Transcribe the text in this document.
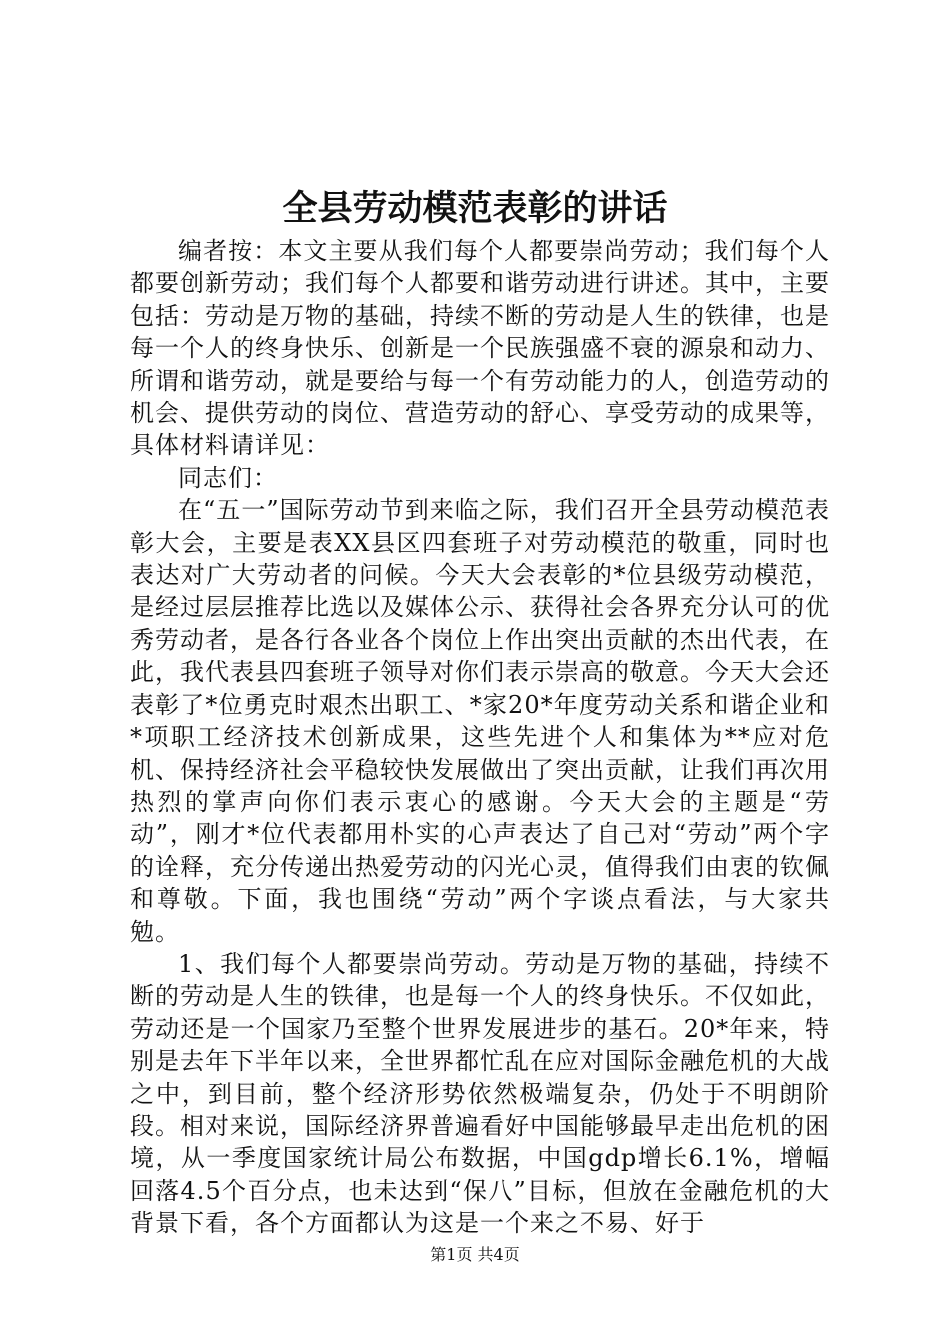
全县劳动模范表彰的讲话

编者按：本文主要从我们每个人都要崇尚劳动；我们每个人都要创新劳动；我们每个人都要和谐劳动进行讲述。其中，主要包括：劳动是万物的基础，持续不断的劳动是人生的铁律，也是每一个人的终身快乐、创新是一个民族强盛不衰的源泉和动力、所谓和谐劳动，就是要给与每一个有劳动能力的人，创造劳动的机会、提供劳动的岗位、营造劳动的舒心、享受劳动的成果等，具体材料请详见：

同志们：

在“五一”国际劳动节到来临之际，我们召开全县劳动模范表彰大会，主要是表XX县区四套班子对劳动模范的敬重，同时也表达对广大劳动者的问候。今天大会表彰的*位县级劳动模范，是经过层层推荐比选以及媒体公示、获得社会各界充分认可的优秀劳动者，是各行各业各个岗位上作出突出贡献的杰出代表，在此，我代表县四套班子领导对你们表示崇高的敬意。今天大会还表彰了*位勇克时艰杰出职工、*家20*年度劳动关系和谐企业和*项职工经济技术创新成果，这些先进个人和集体为**应对危机、保持经济社会平稳较快发展做出了突出贡献，让我们再次用热烈的掌声向你们表示衷心的感谢。今天大会的主题是“劳动”，刚才*位代表都用朴实的心声表达了自己对“劳动”两个字的诠释，充分传递出热爱劳动的闪光心灵，值得我们由衷的钦佩和尊敬。下面，我也围绕“劳动”两个字谈点看法，与大家共勉。

1、我们每个人都要崇尚劳动。劳动是万物的基础，持续不断的劳动是人生的铁律，也是每一个人的终身快乐。不仅如此，劳动还是一个国家乃至整个世界发展进步的基石。20*年来，特别是去年下半年以来，全世界都忙乱在应对国际金融危机的大战之中，到目前，整个经济形势依然极端复杂，仍处于不明朗阶段。相对来说，国际经济界普遍看好中国能够最早走出危机的困境，从一季度国家统计局公布数据，中国gdp增长6.1%，增幅回落4.5个百分点，也未达到“保八”目标，但放在金融危机的大背景下看，各个方面都认为这是一个来之不易、好于

第1页 共4页
